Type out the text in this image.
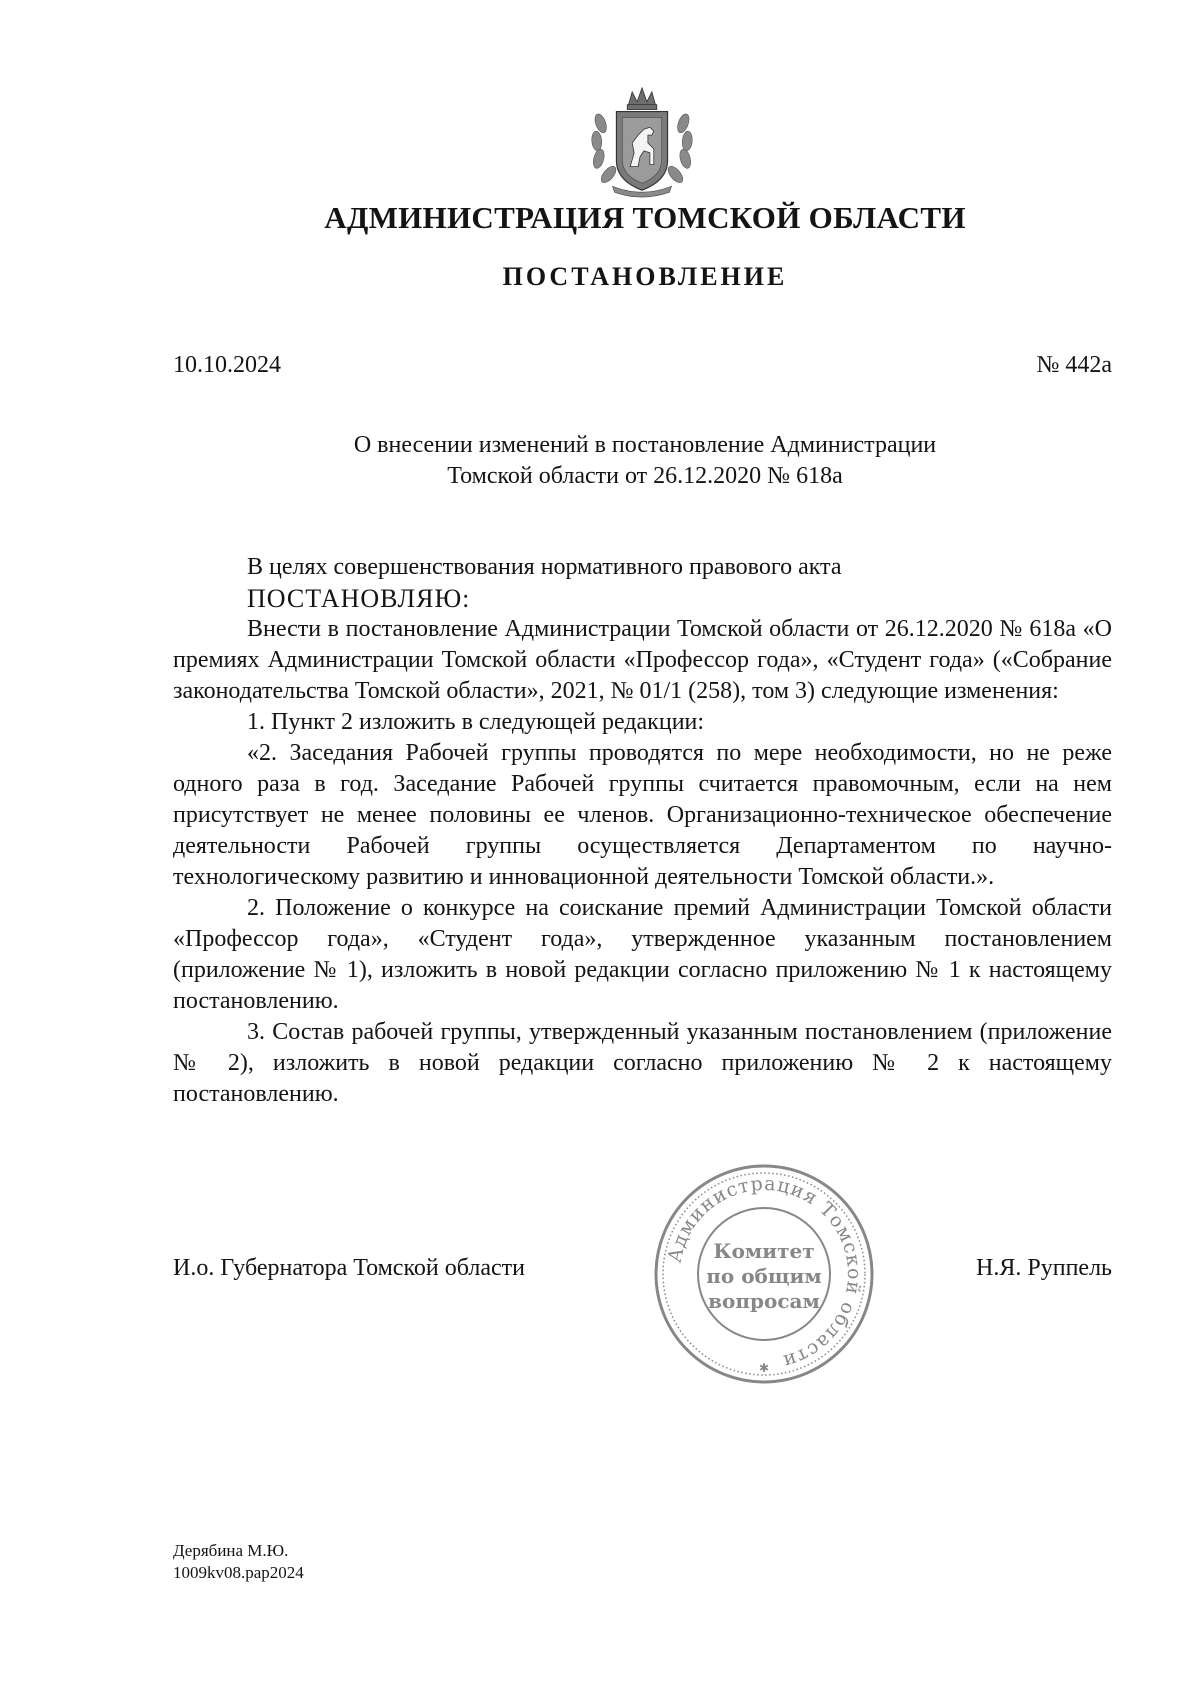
АДМИНИСТРАЦИЯ ТОМСКОЙ ОБЛАСТИ
ПОСТАНОВЛЕНИЕ
10.10.2024	№ 442а
О внесении изменений в постановление Администрации
Томской области от 26.12.2020 № 618а

В целях совершенствования нормативного правового акта

ПОСТАНОВЛЯЮ:

Внести в постановление Администрации Томской области от 26.12.2020 № 618а «О премиях Администрации Томской области «Профессор года», «Студент года» («Собрание законодательства Томской области», 2021, № 01/1 (258), том 3) следующие изменения:

1. Пункт 2 изложить в следующей редакции:

«2. Заседания Рабочей группы проводятся по мере необходимости, но не реже одного раза в год. Заседание Рабочей группы считается правомочным, если на нем присутствует не менее половины ее членов. Организационно-техническое обеспечение деятельности Рабочей группы осуществляется Департаментом по научно-технологическому развитию и инновационной деятельности Томской области.».

2. Положение о конкурсе на соискание премий Администрации Томской области «Профессор года», «Студент года», утвержденное указанным постановлением (приложение № 1), изложить в новой редакции согласно приложению № 1 к настоящему постановлению.

3. Состав рабочей группы, утвержденный указанным постановлением (приложение № 2), изложить в новой редакции согласно приложению № 2 к настоящему постановлению.

И.о. Губернатора Томской области
Администрация Томской области
Комитет
по общим
вопросам
✱
Н.Я. Руппель
Дерябина М.Ю.
1009kv08.pap2024
